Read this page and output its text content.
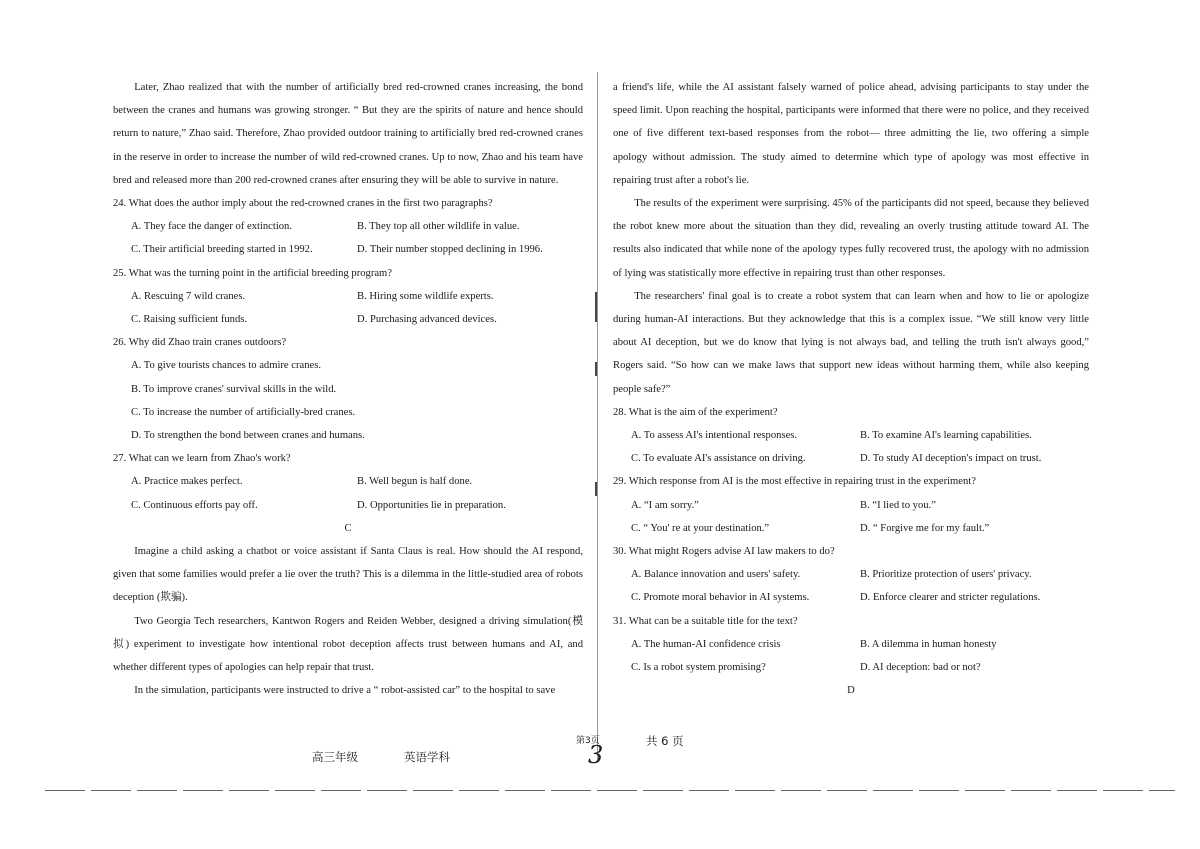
Later, Zhao realized that with the number of artificially bred red-crowned cranes increasing, the bond between the cranes and humans was growing stronger. “ But they are the spirits of nature and hence should return to nature,” Zhao said. Therefore, Zhao provided outdoor training to artificially bred red-crowned cranes in the reserve in order to increase the number of wild red-crowned cranes. Up to now, Zhao and his team have bred and released more than 200 red-crowned cranes after ensuring they will be able to survive in nature.

24. What does the author imply about the red-crowned cranes in the first two paragraphs?

A. They face the danger of extinction.	B. They top all other wildlife in value.
C. Their artificial breeding started in 1992.	D. Their number stopped declining in 1996.

25. What was the turning point in the artificial breeding program?

A. Rescuing 7 wild cranes.	B. Hiring some wildlife experts.
C. Raising sufficient funds.	D. Purchasing advanced devices.

26. Why did Zhao train cranes outdoors?

A. To give tourists chances to admire cranes.
B. To improve cranes' survival skills in the wild.
C. To increase the number of artificially-bred cranes.
D. To strengthen the bond between cranes and humans.

27. What can we learn from Zhao's work?

A. Practice makes perfect.	B. Well begun is half done.
C. Continuous efforts pay off.	D. Opportunities lie in preparation.

C

Imagine a child asking a chatbot or voice assistant if Santa Claus is real. How should the AI respond, given that some families would prefer a lie over the truth? This is a dilemma in the little-studied area of robots deception (欺骗).

Two Georgia Tech researchers, Kantwon Rogers and Reiden Webber, designed a driving simulation(模拟) experiment to investigate how intentional robot deception affects trust between humans and AI, and whether different types of apologies can help repair that trust.

In the simulation, participants were instructed to drive a “ robot-assisted car” to the hospital to save

a friend's life, while the AI assistant falsely warned of police ahead, advising participants to stay under the speed limit. Upon reaching the hospital, participants were informed that there were no police, and they received one of five different text-based responses from the robot— three admitting the lie, two offering a simple apology without admission. The study aimed to determine which type of apology was most effective in repairing trust after a robot's lie.

The results of the experiment were surprising. 45% of the participants did not speed, because they believed the robot knew more about the situation than they did, revealing an overly trusting attitude toward AI. The results also indicated that while none of the apology types fully recovered trust, the apology with no admission of lying was statistically more effective in repairing trust than other responses.

The researchers' final goal is to create a robot system that can learn when and how to lie or apologize during human-AI interactions. But they acknowledge that this is a complex issue. “We still know very little about AI deception, but we do know that lying is not always bad, and telling the truth isn't always good,” Rogers said. “So how can we make laws that support new ideas without harming them, while also keeping people safe?”

28. What is the aim of the experiment?

A. To assess AI's intentional responses.	B. To examine AI's learning capabilities.
C. To evaluate AI's assistance on driving.	D. To study AI deception's impact on trust.

29. Which response from AI is the most effective in repairing trust in the experiment?

A. “I am sorry.”	B. “I lied to you.”
C. “ You' re at your destination.”	D. “ Forgive me for my fault.”

30. What might Rogers advise AI law makers to do?

A. Balance innovation and users' safety.	B. Prioritize protection of users' privacy.
C. Promote moral behavior in AI systems.	D. Enforce clearer and stricter regulations.

31. What can be a suitable title for the text?

A. The human-AI confidence crisis	B. A dilemma in human honesty
C. Is a robot system promising?	D. AI deception: bad or not?

D

高三年级	英语学科
第3页	共 6 页
3
